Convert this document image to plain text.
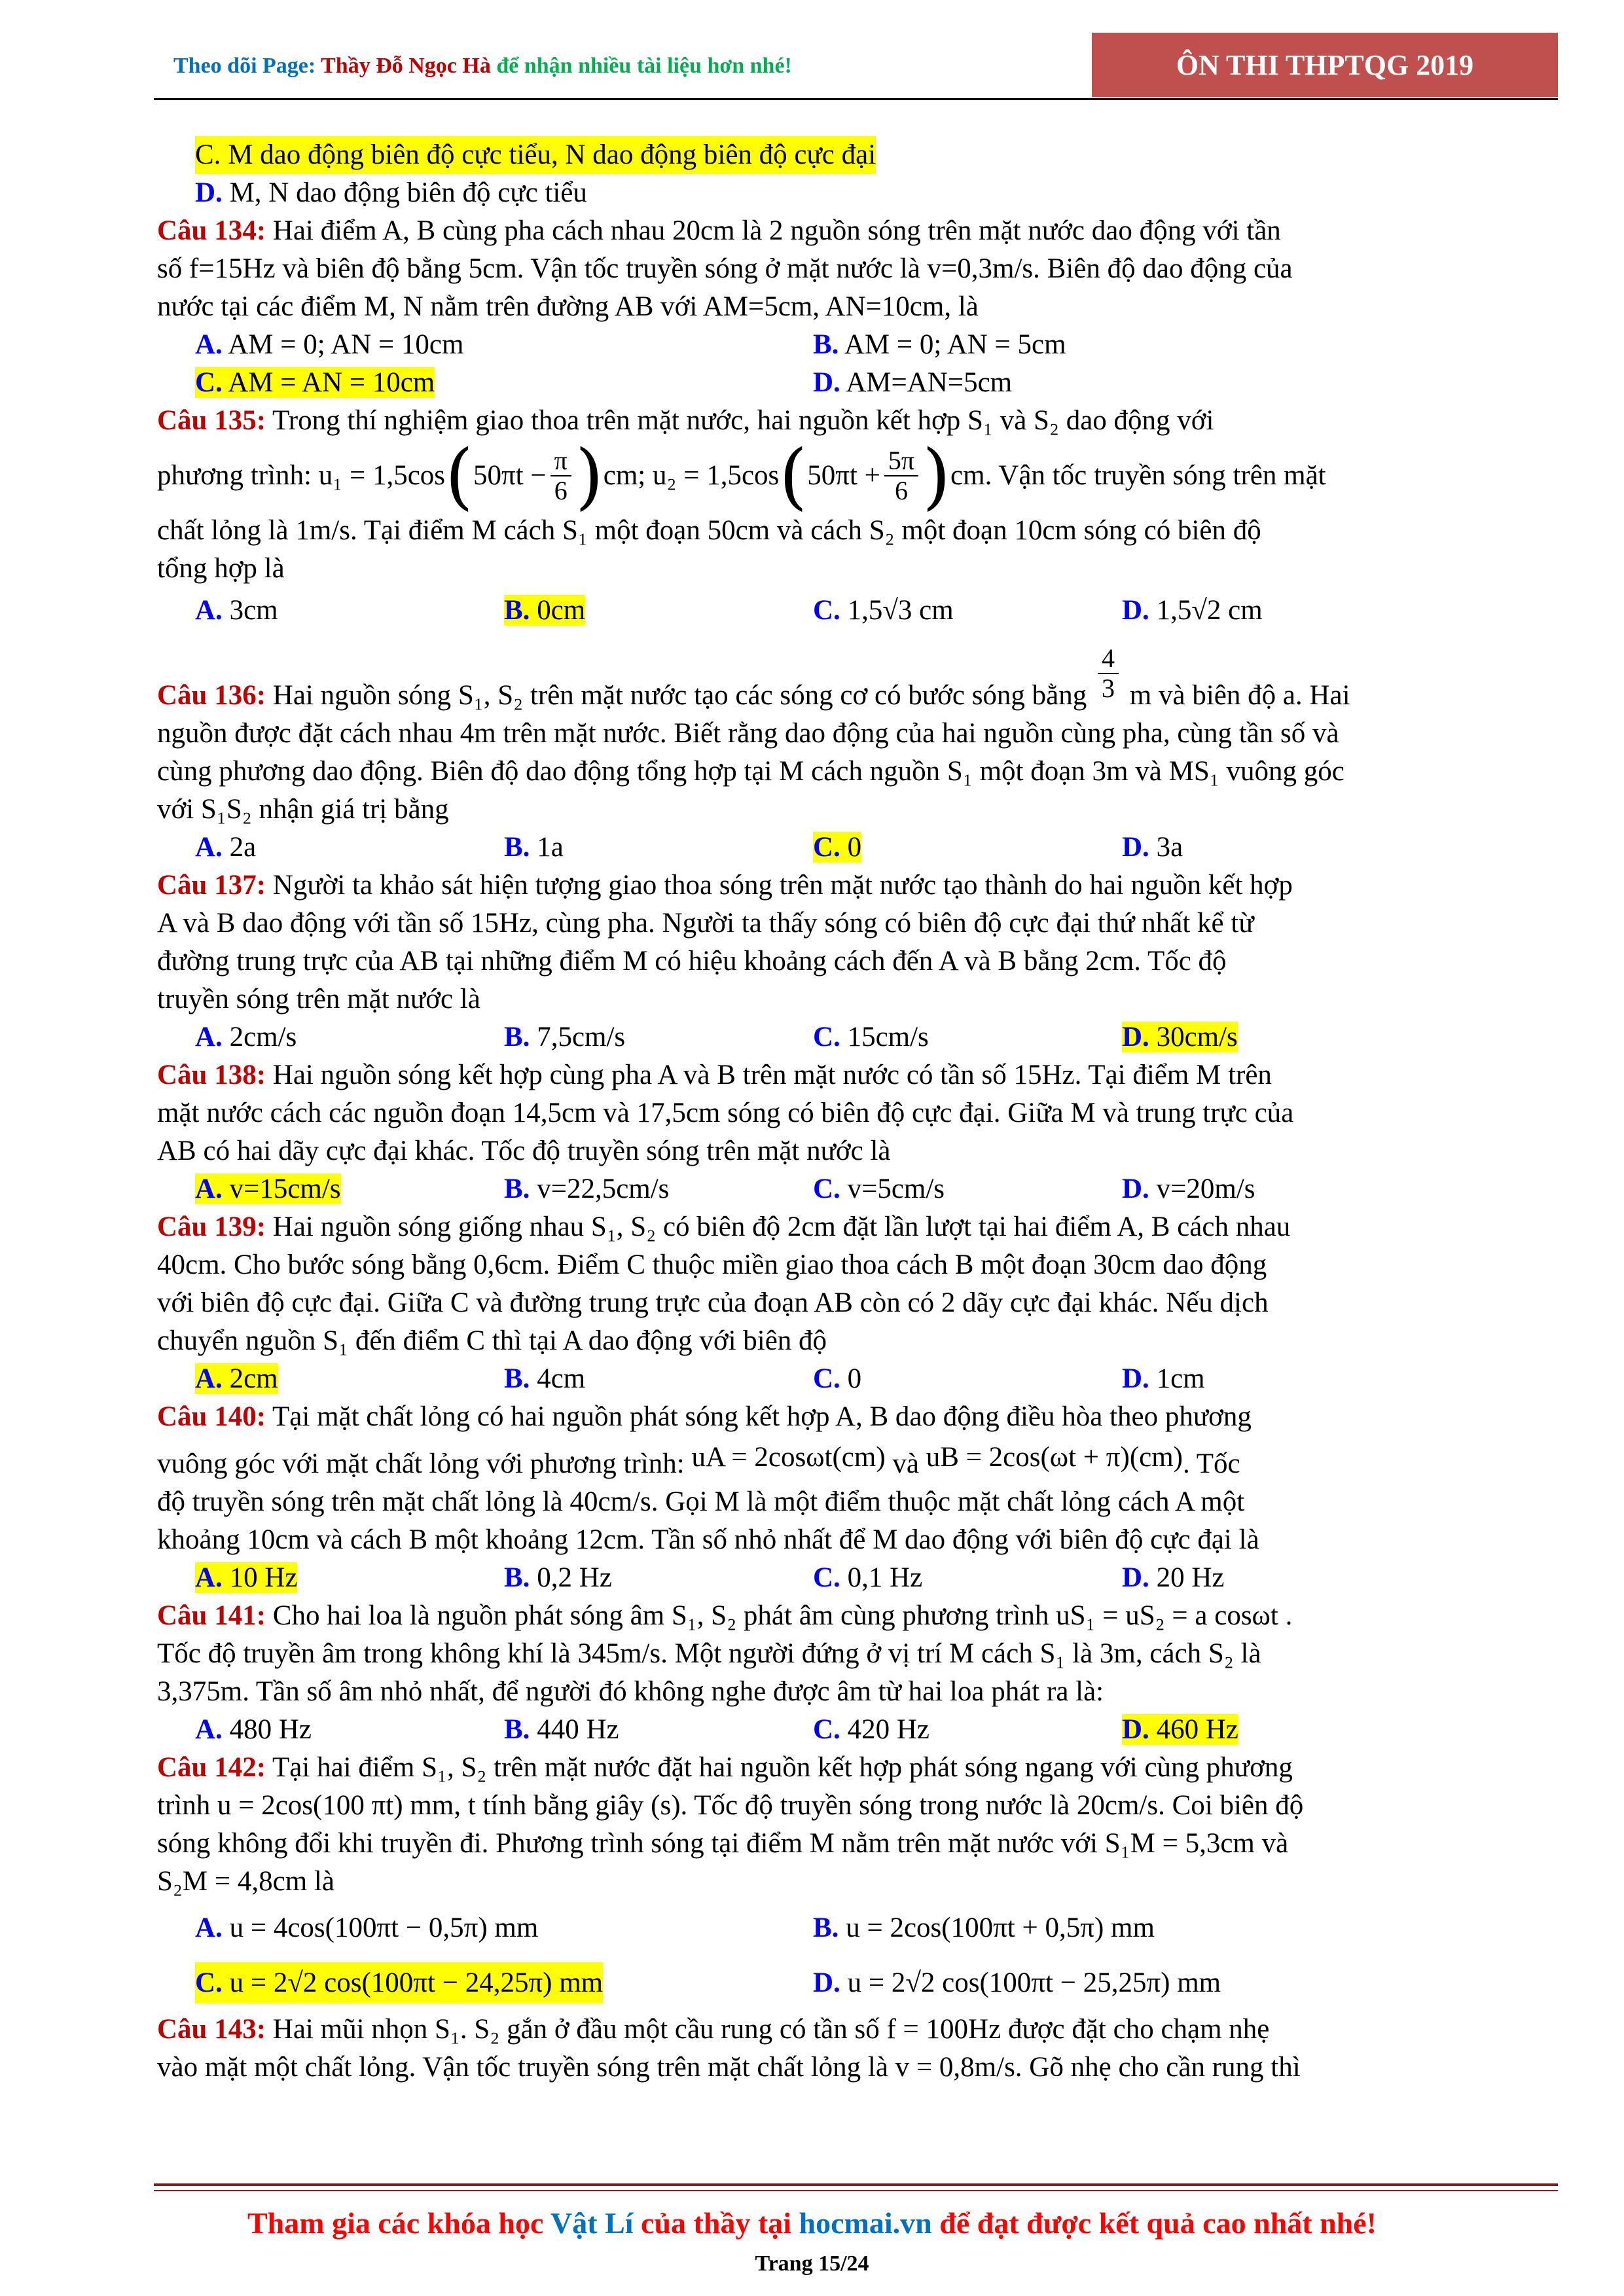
Theo dõi Page: Thầy Đỗ Ngọc Hà để nhận nhiều tài liệu hơn nhé!	ÔN THI THPTQG 2019
C. M dao động biên độ cực tiểu, N dao động biên độ cực đại
D. M, N dao động biên độ cực tiểu
Câu 134: Hai điểm A, B cùng pha cách nhau 20cm là 2 nguồn sóng trên mặt nước dao động với tần
số f=15Hz và biên độ bằng 5cm. Vận tốc truyền sóng ở mặt nước là v=0,3m/s. Biên độ dao động của
nước tại các điểm M, N nằm trên đường AB với AM=5cm, AN=10cm, là
A. AM = 0; AN = 10cm	B. AM = 0; AN = 5cm
C. AM = AN = 10cm	D. AM=AN=5cm
Câu 135: Trong thí nghiệm giao thoa trên mặt nước, hai nguồn kết hợp S₁ và S₂ dao động với
phương trình:
u₁ = 1,5cos ( $50\pi t - \frac{\pi}{6}$ ) cm; u₂ = 1,5cos ( $50\pi t + \frac{5\pi}{6}$ ) cm . Vận tốc truyền sóng trên mặt
chất lỏng là 1m/s. Tại điểm M cách S₁ một đoạn 50cm và cách S₂ một đoạn 10cm sóng có biên độ
tổng hợp là
A. 3cm	B. 0cm	C. 1,5√3 cm	D. 1,5√2 cm
Câu 136: Hai nguồn sóng S₁, S₂ trên mặt nước tạo các sóng cơ có bước sóng bằng $\frac{4}{3}$ m và biên độ a. Hai
nguồn được đặt cách nhau 4m trên mặt nước. Biết rằng dao động của hai nguồn cùng pha, cùng tần số và
cùng phương dao động. Biên độ dao động tổng hợp tại M cách nguồn S₁ một đoạn 3m và MS₁ vuông góc
với S₁S₂ nhận giá trị bằng
A. 2a	B. 1a	C. 0	D. 3a
Câu 137: Người ta khảo sát hiện tượng giao thoa sóng trên mặt nước tạo thành do hai nguồn kết hợp
A và B dao động với tần số 15Hz, cùng pha. Người ta thấy sóng có biên độ cực đại thứ nhất kể từ
đường trung trực của AB tại những điểm M có hiệu khoảng cách đến A và B bằng 2cm. Tốc độ
truyền sóng trên mặt nước là
A. 2cm/s	B. 7,5cm/s	C. 15cm/s	D. 30cm/s
Câu 138: Hai nguồn sóng kết hợp cùng pha A và B trên mặt nước có tần số 15Hz. Tại điểm M trên
mặt nước cách các nguồn đoạn 14,5cm và 17,5cm sóng có biên độ cực đại. Giữa M và trung trực của
AB có hai dãy cực đại khác. Tốc độ truyền sóng trên mặt nước là
A. v=15cm/s	B. v=22,5cm/s	C. v=5cm/s	D. v=20m/s
Câu 139: Hai nguồn sóng giống nhau S₁, S₂ có biên độ 2cm đặt lần lượt tại hai điểm A, B cách nhau
40cm. Cho bước sóng bằng 0,6cm. Điểm C thuộc miền giao thoa cách B một đoạn 30cm dao động
với biên độ cực đại. Giữa C và đường trung trực của đoạn AB còn có 2 dãy cực đại khác. Nếu dịch
chuyển nguồn S₁ đến điểm C thì tại A dao động với biên độ
A. 2cm	B. 4cm	C. 0	D. 1cm
Câu 140: Tại mặt chất lỏng có hai nguồn phát sóng kết hợp A, B dao động điều hòa theo phương
vuông góc với mặt chất lỏng với phương trình: uA = 2cosωt(cm) và uB = 2cos(ωt + π)(cm) . Tốc
độ truyền sóng trên mặt chất lỏng là 40cm/s. Gọi M là một điểm thuộc mặt chất lỏng cách A một
khoảng 10cm và cách B một khoảng 12cm. Tần số nhỏ nhất để M dao động với biên độ cực đại là
A. 10 Hz	B. 0,2 Hz	C. 0,1 Hz	D. 20 Hz
Câu 141: Cho hai loa là nguồn phát sóng âm S₁, S₂ phát âm cùng phương trình uS₁ = uS₂ = a cosωt .
Tốc độ truyền âm trong không khí là 345m/s. Một người đứng ở vị trí M cách S₁ là 3m, cách S₂ là
3,375m. Tần số âm nhỏ nhất, để người đó không nghe được âm từ hai loa phát ra là:
A. 480 Hz	B. 440 Hz	C. 420 Hz	D. 460 Hz
Câu 142: Tại hai điểm S₁, S₂ trên mặt nước đặt hai nguồn kết hợp phát sóng ngang với cùng phương
trình u = 2cos(100 πt) mm, t tính bằng giây (s). Tốc độ truyền sóng trong nước là 20cm/s. Coi biên độ
sóng không đổi khi truyền đi. Phương trình sóng tại điểm M nằm trên mặt nước với S₁M = 5,3cm và
S₂M = 4,8cm là
A. u = 4cos(100πt − 0,5π) mm	B. u = 2cos(100πt + 0,5π) mm
C. u = 2√2 cos(100πt − 24,25π) mm	D. u = 2√2 cos(100πt − 25,25π) mm
Câu 143: Hai mũi nhọn S₁. S₂ gắn ở đầu một cầu rung có tần số f = 100Hz được đặt cho chạm nhẹ
vào mặt một chất lỏng. Vận tốc truyền sóng trên mặt chất lỏng là v = 0,8m/s. Gõ nhẹ cho cần rung thì
Tham gia các khóa học Vật Lí của thầy tại hocmai.vn để đạt được kết quả cao nhất nhé!
Trang 15/24
